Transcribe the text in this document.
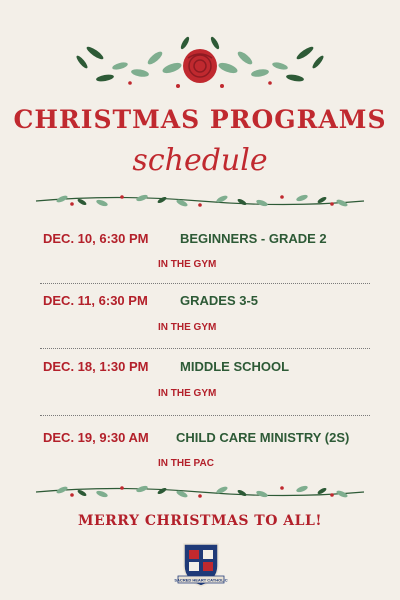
CHRISTMAS PROGRAMS
schedule
DEC. 10, 6:30 PM BEGINNERS - GRADE 2
IN THE GYM
DEC. 11, 6:30 PM GRADES 3-5
IN THE GYM
DEC. 18, 1:30 PM MIDDLE SCHOOL
IN THE GYM
DEC. 19, 9:30 AM CHILD CARE MINISTRY (2S)
IN THE PAC
MERRY CHRISTMAS TO ALL!
SACRED HEART CATHOLIC
